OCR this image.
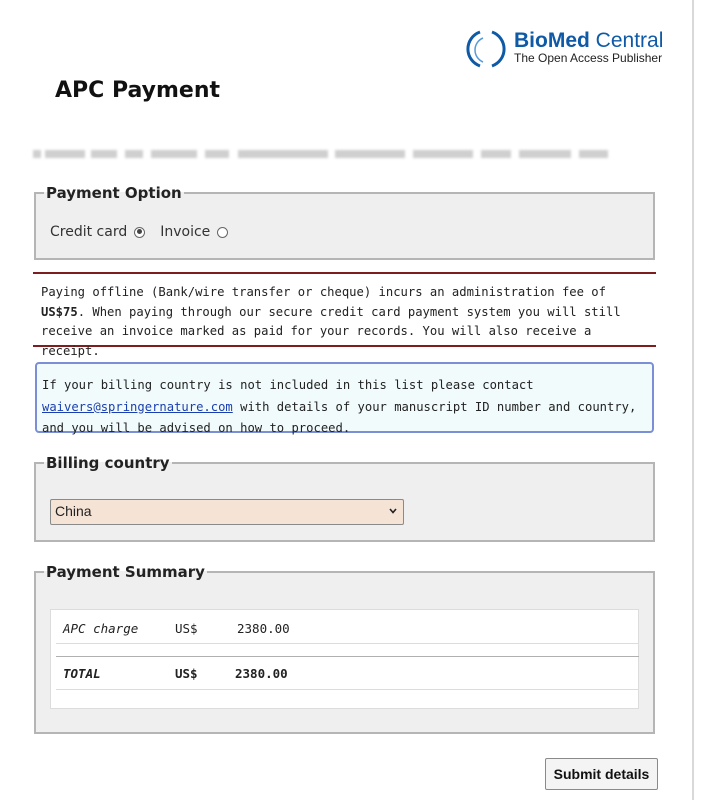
BioMed Central
The Open Access Publisher
APC Payment
Payment Option
Credit card Invoice
Paying offline (Bank/wire transfer or cheque) incurs an administration fee of US$75. When paying through our secure credit card payment system you will still receive an invoice marked as paid for your records. You will also receive a receipt.
If your billing country is not included in this list please contact waivers@springernature.com with details of your manuscript ID number and country, and you will be advised on how to proceed.
Billing country
China
Payment Summary
APC charge	US$	2380.00
TOTAL	US$	2380.00
Submit details
